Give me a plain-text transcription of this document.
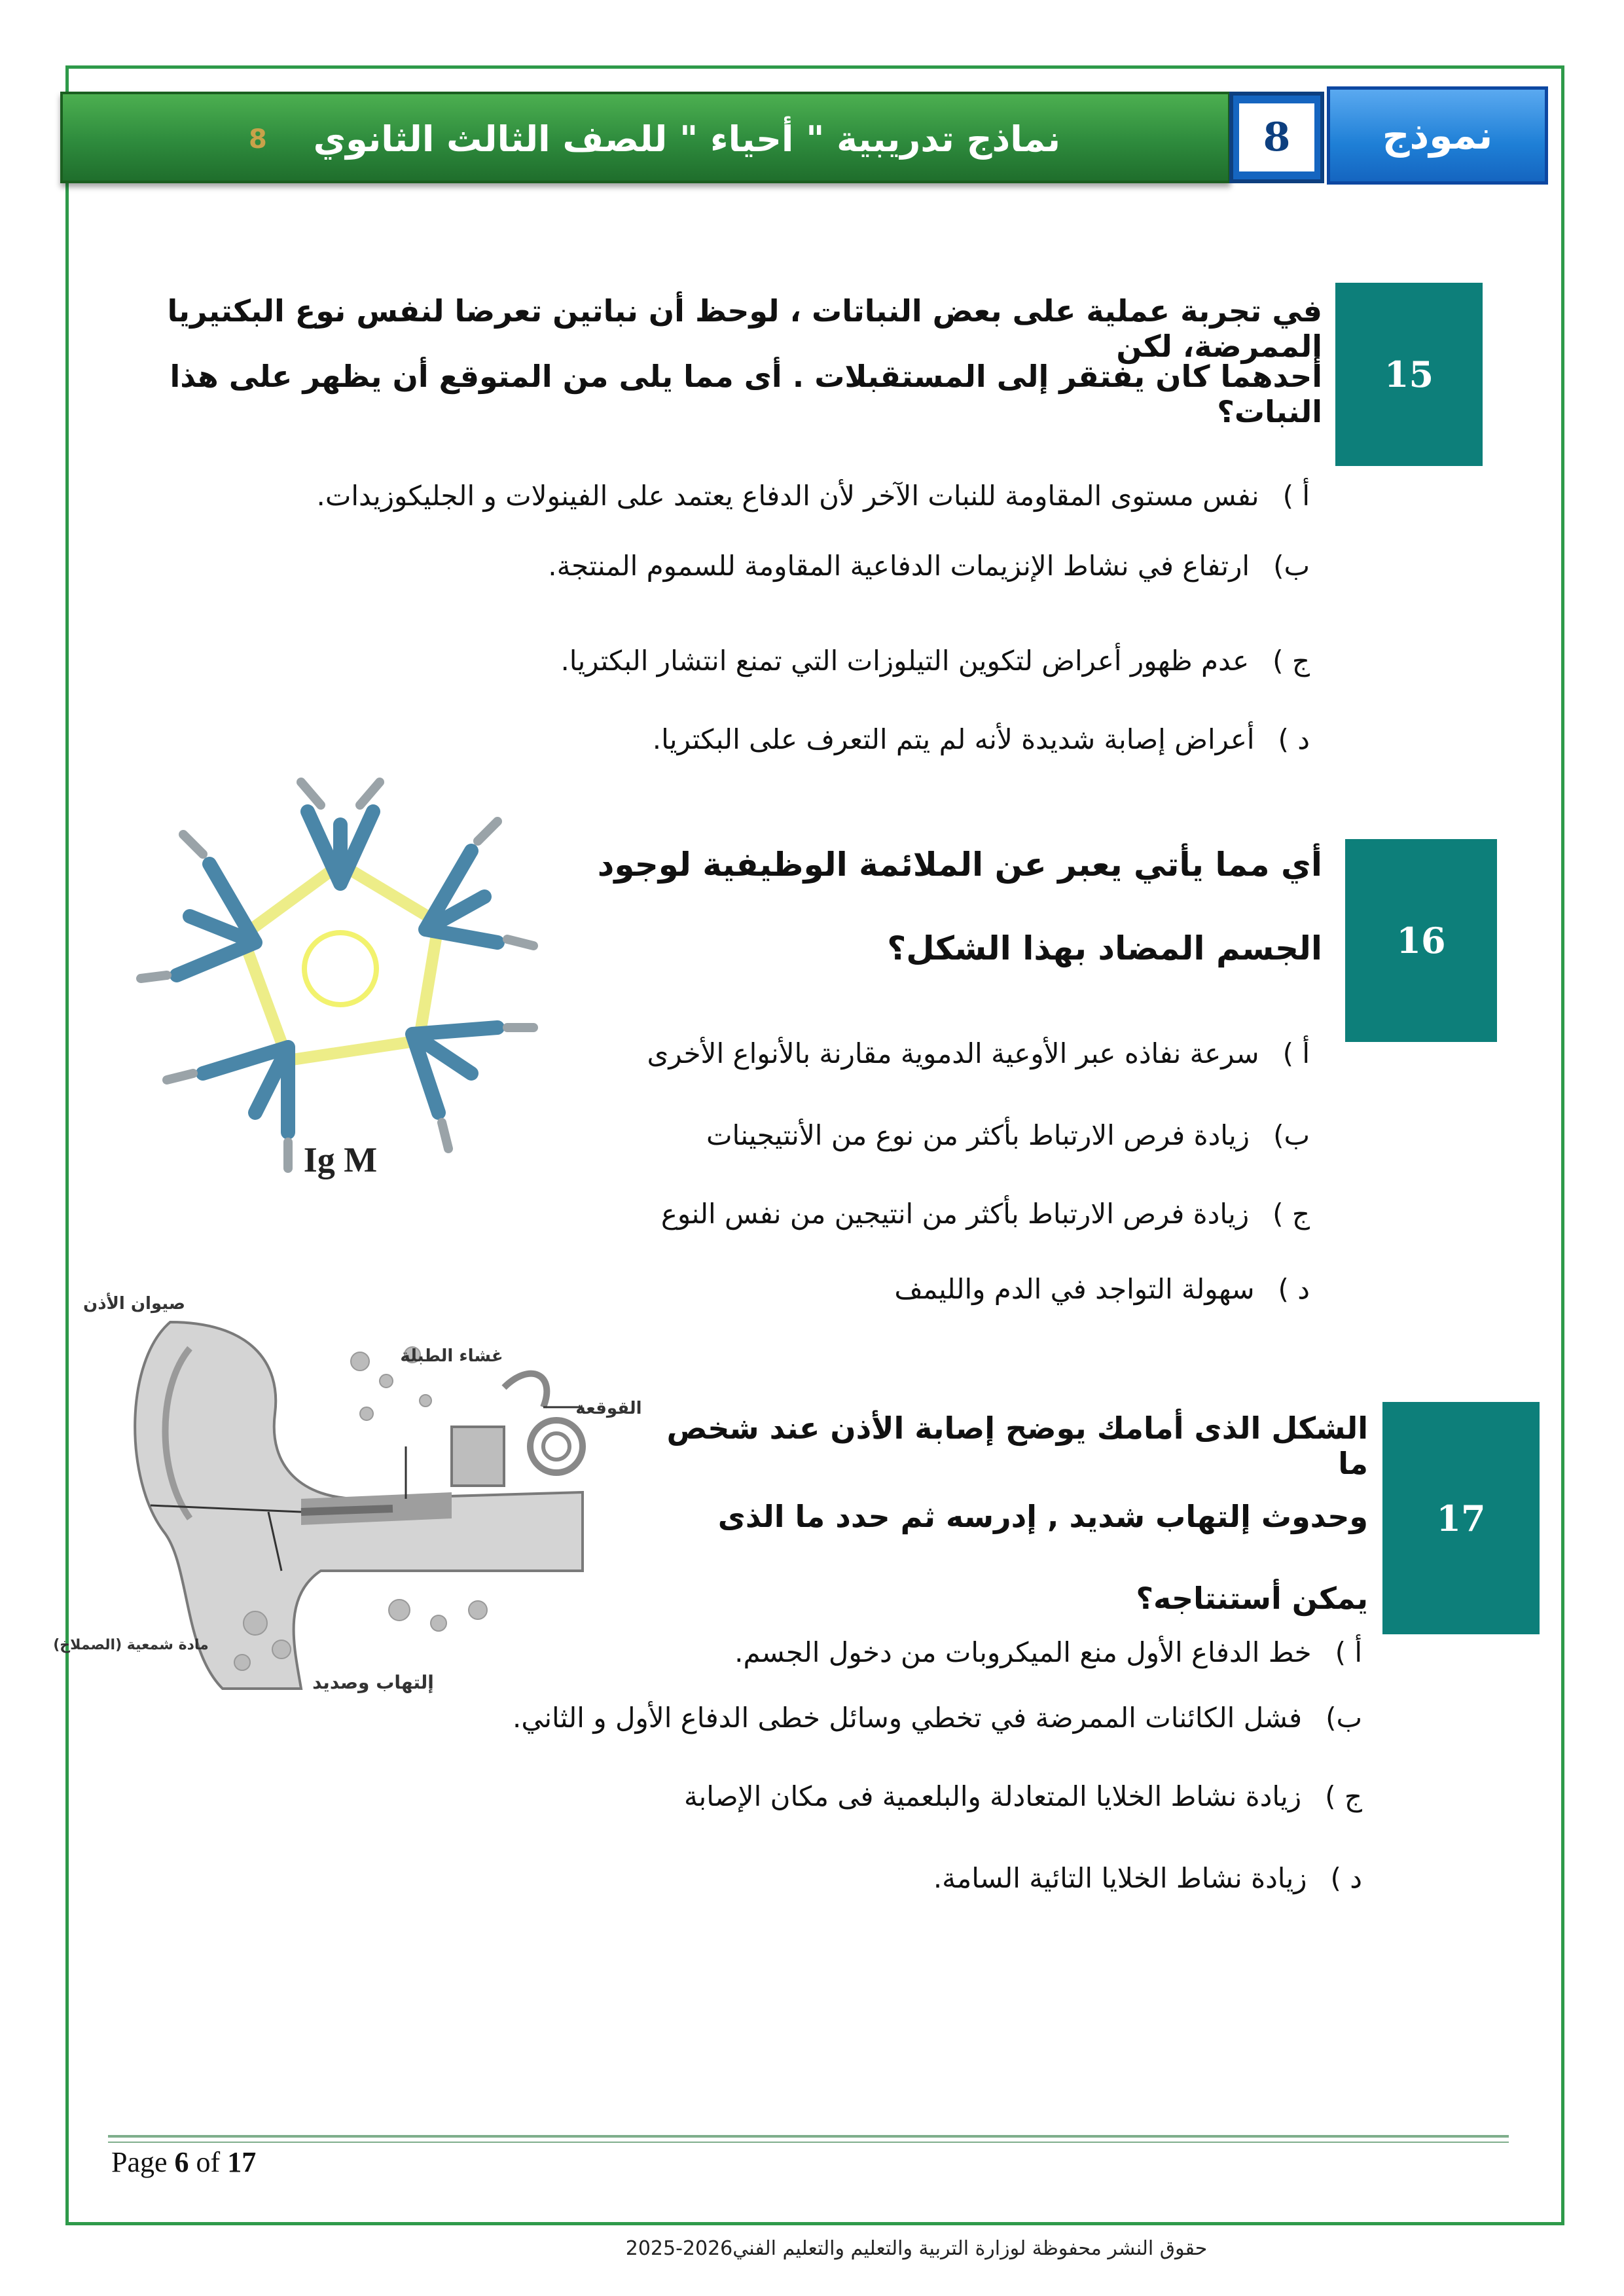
8 نماذج تدريبية " أحياء " للصف الثالث الثانوي	8	نموذج
15
في تجربة عملية على بعض النباتات ، لوحظ أن نباتين تعرضا لنفس نوع البكتيريا الممرضة، لكن
أحدهما كان يفتقر إلى المستقبلات . أى مما يلى من المتوقع أن يظهر على هذا النبات؟
أ )نفس مستوى المقاومة للنبات الآخر لأن الدفاع يعتمد على الفينولات و الجليكوزيدات.
ب)ارتفاع في نشاط الإنزيمات الدفاعية المقاومة للسموم المنتجة.
ج )عدم ظهور أعراض لتكوين التيلوزات التي تمنع انتشار البكتريا.
د )أعراض إصابة شديدة لأنه لم يتم التعرف على البكتريا.
16
أي مما يأتي يعبر عن الملائمة الوظيفية لوجود
الجسم المضاد بهذا الشكل؟
Ig M
أ )سرعة نفاذه عبر الأوعية الدموية مقارنة بالأنواع الأخرى
ب)زيادة فرص الارتباط بأكثر من نوع من الأنتيجينات
ج )زيادة فرص الارتباط بأكثر من انتيجين من نفس النوع
د )سهولة التواجد في الدم والليمف
صيوان الأذن
غشاء الطبلة
القوقعة
مادة شمعية (الصملاخ)
إلتهاب وصديد
17
الشكل الذى أمامك يوضح إصابة الأذن عند شخص ما
وحدوث إلتهاب شديد , إدرسه ثم حدد ما الذى
يمكن أستنتاجه؟
أ )خط الدفاع الأول منع الميكروبات من دخول الجسم.
ب)فشل الكائنات الممرضة في تخطي وسائل خطى الدفاع الأول و الثاني.
ج )زيادة نشاط الخلايا المتعادلة والبلعمية فى مكان الإصابة
د )زيادة نشاط الخلايا التائية السامة.
Page 6 of 17
حقوق النشر محفوظة لوزارة التربية والتعليم والتعليم الفني2026-2025
